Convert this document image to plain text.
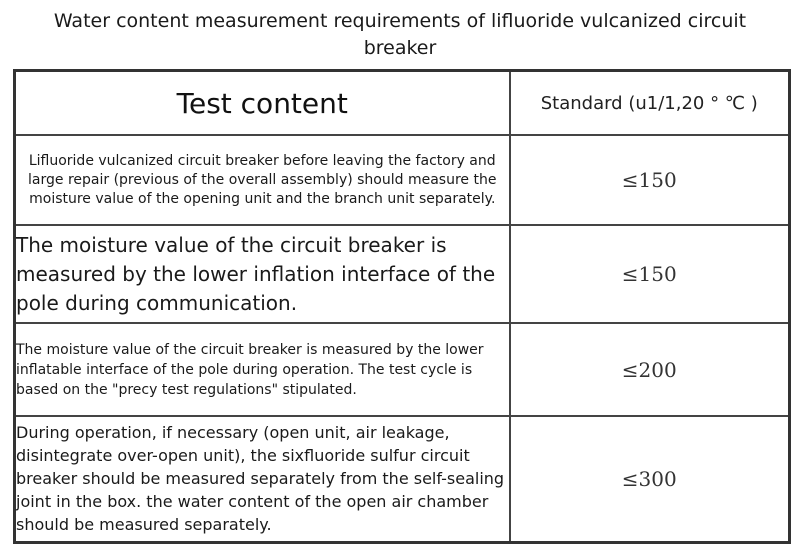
Water content measurement requirements of lifluoride vulcanized circuit breaker
Test content	Standard (u1/1,20 ° ℃ )
Lifluoride vulcanized circuit breaker before leaving the factory and large repair (previous of the overall assembly) should measure the moisture value of the opening unit and the branch unit separately.	≤150
The moisture value of the circuit breaker is measured by the lower inflation interface of the pole during communication.	≤150
The moisture value of the circuit breaker is measured by the lower inflatable interface of the pole during operation. The test cycle is based on the "precy test regulations" stipulated.	≤200
During operation, if necessary (open unit, air leakage, disintegrate over-open unit), the sixfluoride sulfur circuit breaker should be measured separately from the self-sealing joint in the box. the water content of the open air chamber should be measured separately.	≤300
